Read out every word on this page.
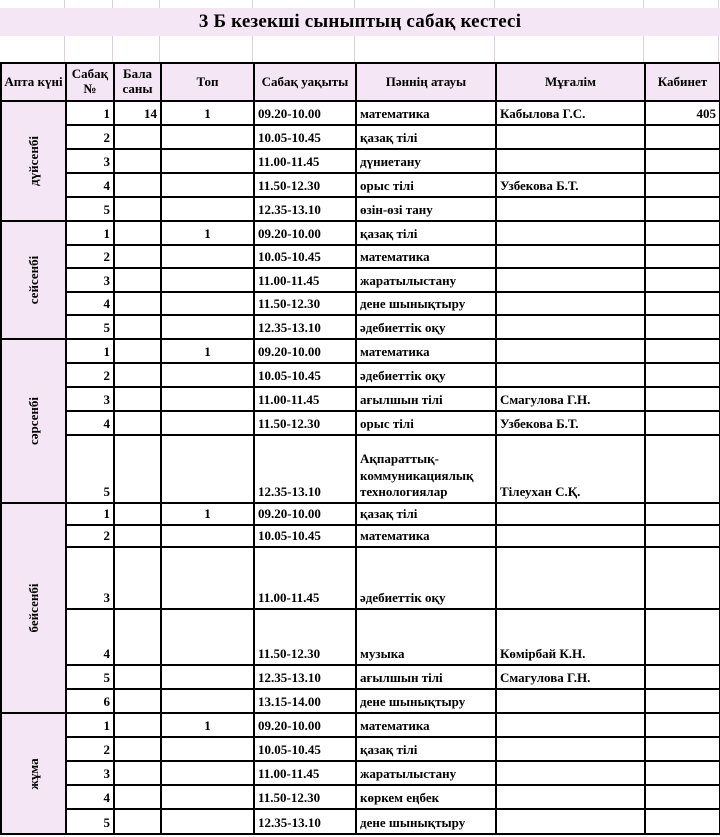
3 Б кезекші сыныптың сабақ кестесі
Апта күні	Сабақ №	Бала саны	Топ	Сабақ уақыты	Пәннің атауы	Мұғалім	Кабинет

дүйсенбі	1	14	1	09.20-10.00	математика	Кабылова Г.С.	405
	2			10.05-10.45	қазақ тілі		
	3			11.00-11.45	дүниетану		
	4			11.50-12.30	орыс тілі	Узбекова Б.Т.	
	5			12.35-13.10	өзін-өзі тану		

сейсенбі	1		1	09.20-10.00	қазақ тілі		
	2			10.05-10.45	математика		
	3			11.00-11.45	жаратылыстану		
	4			11.50-12.30	дене шынықтыру		
	5			12.35-13.10	әдебиеттік оқу		

сәрсенбі	1		1	09.20-10.00	математика		
	2			10.05-10.45	әдебиеттік оқу		
	3			11.00-11.45	ағылшын тілі	Смагулова Г.Н.	
	4			11.50-12.30	орыс тілі	Узбекова Б.Т.	
	5			12.35-13.10	Ақпараттық-коммуникациялық технологиялар	Тілеухан С.Қ.	

бейсенбі	1		1	09.20-10.00	қазақ тілі		
	2			10.05-10.45	математика		
	3			11.00-11.45	әдебиеттік оқу		
	4			11.50-12.30	музыка	Көмірбай К.Н.	
	5			12.35-13.10	ағылшын тілі	Смагулова Г.Н.	
	6			13.15-14.00	дене шынықтыру		

жұма	1		1	09.20-10.00	математика		
	2			10.05-10.45	қазақ тілі		
	3			11.00-11.45	жаратылыстану		
	4			11.50-12.30	көркем еңбек		
	5			12.35-13.10	дене шынықтыру		
